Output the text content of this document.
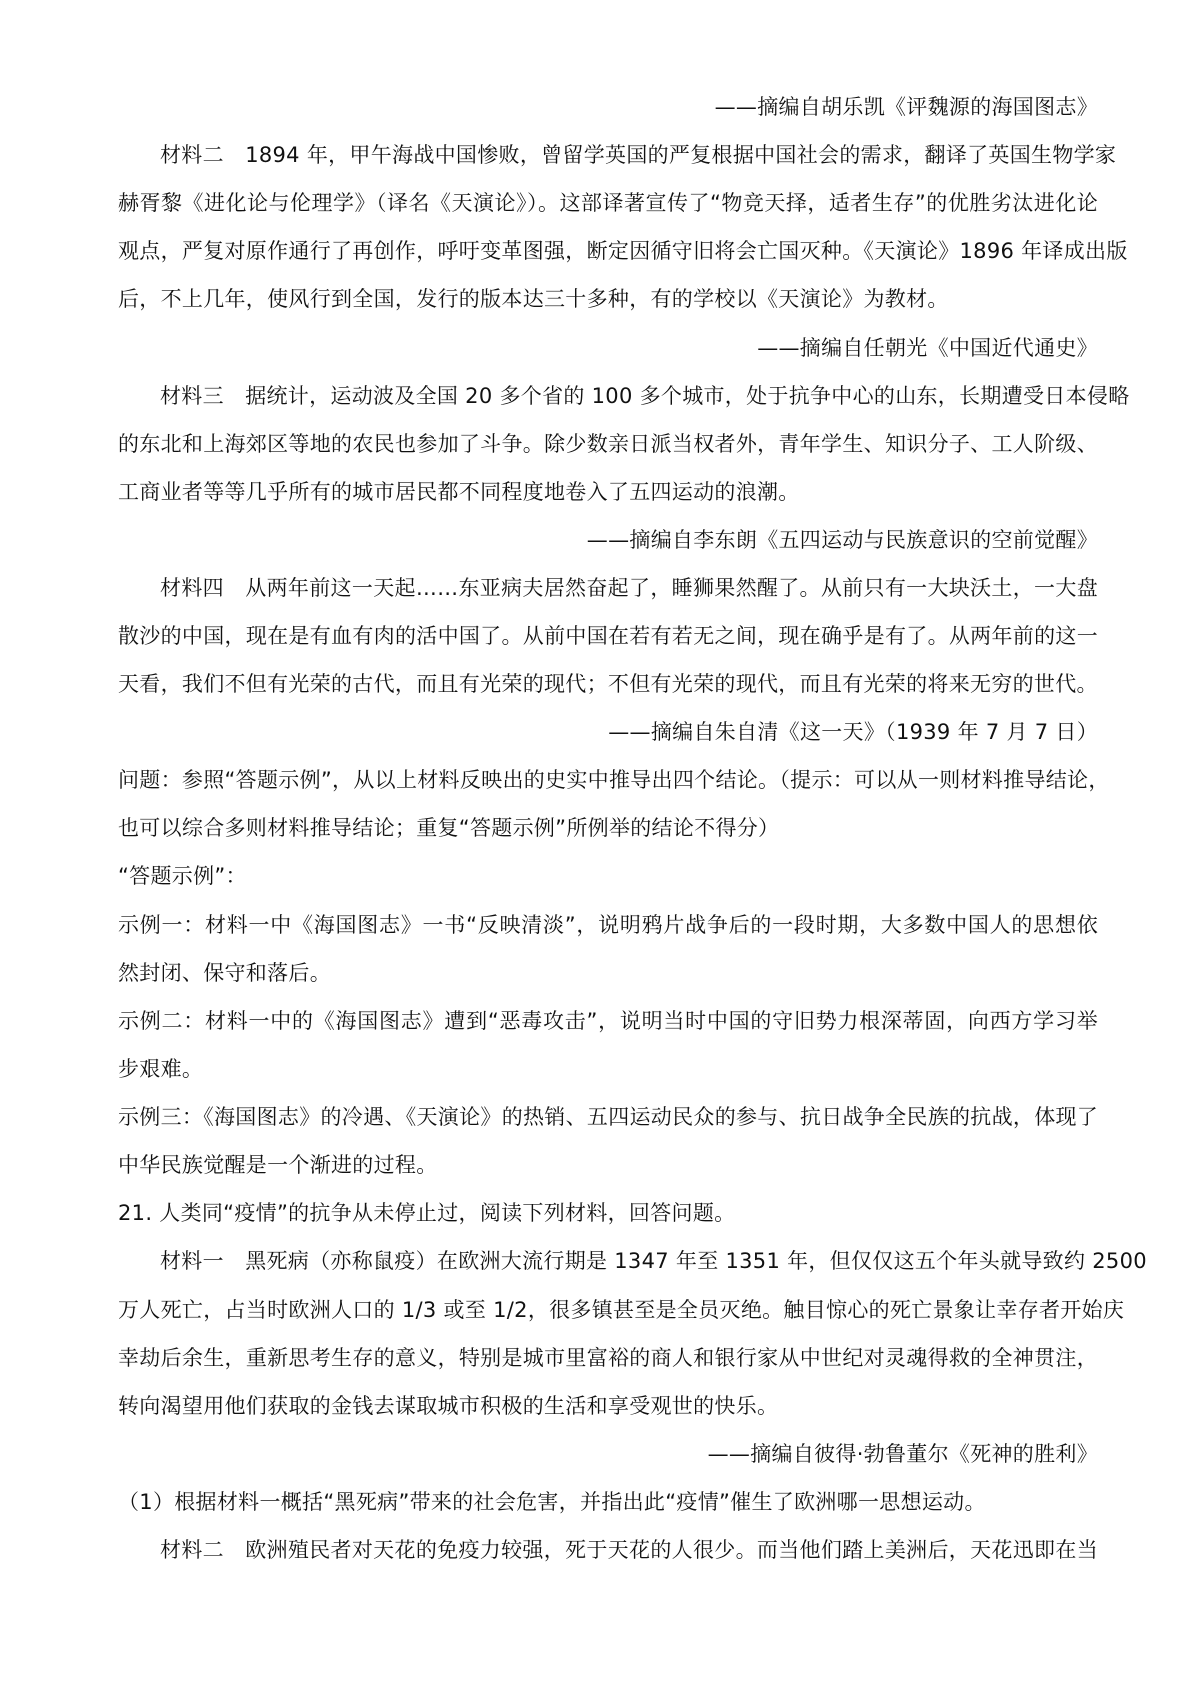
——摘编自胡乐凯《评魏源的海国图志》
材料二　1894 年，甲午海战中国惨败，曾留学英国的严复根据中国社会的需求，翻译了英国生物学家
赫胥黎《进化论与伦理学》（译名《天演论》）。这部译著宣传了“物竞天择，适者生存”的优胜劣汰进化论
观点，严复对原作通行了再创作，呼吁变革图强，断定因循守旧将会亡国灭种。《天演论》1896 年译成出版
后，不上几年，使风行到全国，发行的版本达三十多种，有的学校以《天演论》为教材。
——摘编自任朝光《中国近代通史》
材料三　据统计，运动波及全国 20 多个省的 100 多个城市，处于抗争中心的山东，长期遭受日本侵略
的东北和上海郊区等地的农民也参加了斗争。除少数亲日派当权者外，青年学生、知识分子、工人阶级、
工商业者等等几乎所有的城市居民都不同程度地卷入了五四运动的浪潮。
——摘编自李东朗《五四运动与民族意识的空前觉醒》
材料四　从两年前这一天起……东亚病夫居然奋起了，睡狮果然醒了。从前只有一大块沃土，一大盘
散沙的中国，现在是有血有肉的活中国了。从前中国在若有若无之间，现在确乎是有了。从两年前的这一
天看，我们不但有光荣的古代，而且有光荣的现代；不但有光荣的现代，而且有光荣的将来无穷的世代。
——摘编自朱自清《这一天》（1939 年 7 月 7 日）
问题：参照“答题示例”，从以上材料反映出的史实中推导出四个结论。（提示：可以从一则材料推导结论，
也可以综合多则材料推导结论；重复“答题示例”所例举的结论不得分）
“答题示例”：
示例一：材料一中《海国图志》一书“反映清淡”，说明鸦片战争后的一段时期，大多数中国人的思想依
然封闭、保守和落后。
示例二：材料一中的《海国图志》遭到“恶毒攻击”，说明当时中国的守旧势力根深蒂固，向西方学习举
步艰难。
示例三：《海国图志》的冷遇、《天演论》的热销、五四运动民众的参与、抗日战争全民族的抗战，体现了
中华民族觉醒是一个渐进的过程。
21. 人类同“疫情”的抗争从未停止过，阅读下列材料，回答问题。
材料一　黑死病（亦称鼠疫）在欧洲大流行期是 1347 年至 1351 年，但仅仅这五个年头就导致约 2500
万人死亡，占当时欧洲人口的 1/3 或至 1/2，很多镇甚至是全员灭绝。触目惊心的死亡景象让幸存者开始庆
幸劫后余生，重新思考生存的意义，特别是城市里富裕的商人和银行家从中世纪对灵魂得救的全神贯注，
转向渴望用他们获取的金钱去谋取城市积极的生活和享受观世的快乐。
——摘编自彼得·勃鲁董尔《死神的胜利》
（1）根据材料一概括“黑死病”带来的社会危害，并指出此“疫情”催生了欧洲哪一思想运动。
材料二　欧洲殖民者对天花的免疫力较强，死于天花的人很少。而当他们踏上美洲后，天花迅即在当
